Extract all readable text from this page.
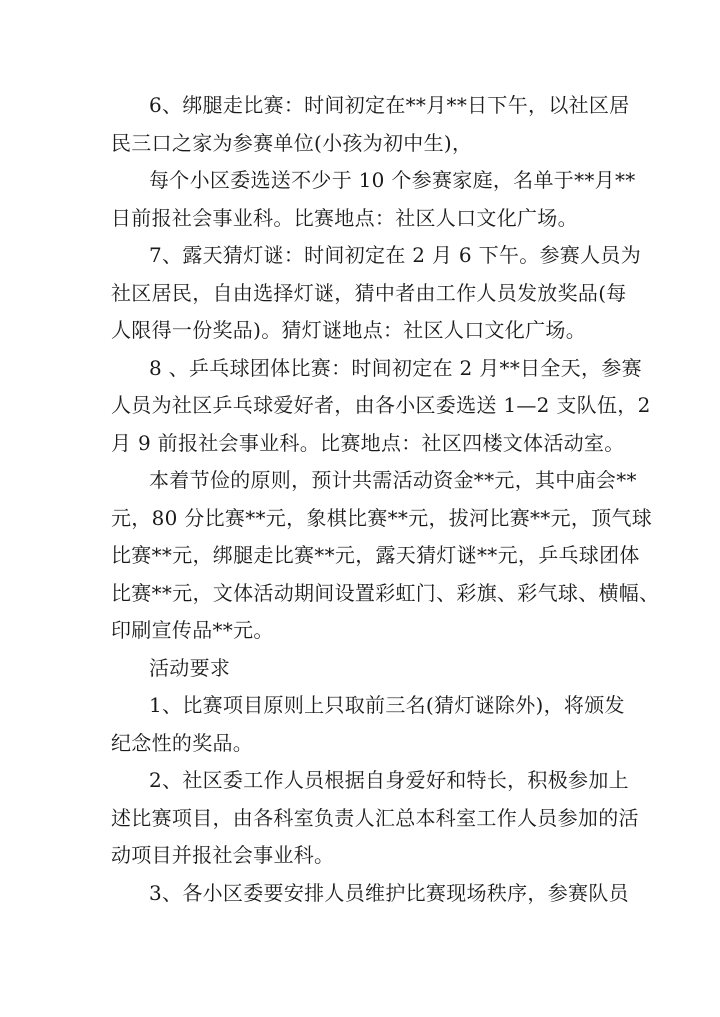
6、绑腿走比赛：时间初定在**月**日下午，以社区居
民三口之家为参赛单位(小孩为初中生)，

每个小区委选送不少于 10 个参赛家庭，名单于**月**
日前报社会事业科。比赛地点：社区人口文化广场。

7、露天猜灯谜：时间初定在 2 月 6 下午。参赛人员为
社区居民，自由选择灯谜，猜中者由工作人员发放奖品(每
人限得一份奖品)。猜灯谜地点：社区人口文化广场。

8 、乒乓球团体比赛：时间初定在 2 月**日全天，参赛
人员为社区乒乓球爱好者，由各小区委选送 1—2 支队伍，2
月 9 前报社会事业科。比赛地点：社区四楼文体活动室。

本着节俭的原则，预计共需活动资金**元，其中庙会**
元，80 分比赛**元，象棋比赛**元，拔河比赛**元，顶气球
比赛**元，绑腿走比赛**元，露天猜灯谜**元，乒乓球团体
比赛**元，文体活动期间设置彩虹门、彩旗、彩气球、横幅、
印刷宣传品**元。

活动要求

1、比赛项目原则上只取前三名(猜灯谜除外)，将颁发
纪念性的奖品。

2、社区委工作人员根据自身爱好和特长，积极参加上
述比赛项目，由各科室负责人汇总本科室工作人员参加的活
动项目并报社会事业科。

3、各小区委要安排人员维护比赛现场秩序，参赛队员
